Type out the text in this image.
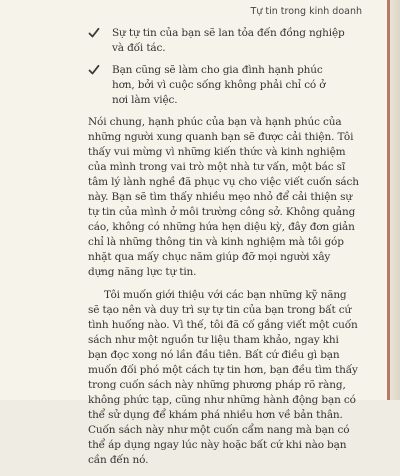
Tự tin trong kinh doanh
Sự tự tin của bạn sẽ lan tỏa đến đồng nghiệp
và đối tác.
Bạn cũng sẽ làm cho gia đình hạnh phúc
hơn, bởi vì cuộc sống không phải chỉ có ở
nơi làm việc.

Nói chung, hạnh phúc của bạn và hạnh phúc của
những người xung quanh bạn sẽ được cải thiện. Tôi
thấy vui mừng vì những kiến thức và kinh nghiệm
của mình trong vai trò một nhà tư vấn, một bác sĩ
tâm lý lành nghề đã phục vụ cho việc viết cuốn sách
này. Bạn sẽ tìm thấy nhiều mẹo nhỏ để cải thiện sự
tự tin của mình ở môi trường công sở. Không quảng
cáo, không có những hứa hẹn diệu kỳ, đây đơn giản
chỉ là những thông tin và kinh nghiệm mà tôi góp
nhặt qua mấy chục năm giúp đỡ mọi người xây
dựng năng lực tự tin.

Tôi muốn giới thiệu với các bạn những kỹ năng
sẽ tạo nên và duy trì sự tự tin của bạn trong bất cứ
tình huống nào. Vì thế, tôi đã cố gắng viết một cuốn
sách như một nguồn tư liệu tham khảo, ngay khi
bạn đọc xong nó lần đầu tiên. Bất cứ điều gì bạn
muốn đối phó một cách tự tin hơn, bạn đều tìm thấy
trong cuốn sách này những phương pháp rõ ràng,
không phức tạp, cũng như những hành động bạn có
thể sử dụng để khám phá nhiều hơn về bản thân.
Cuốn sách này như một cuốn cẩm nang mà bạn có
thể áp dụng ngay lúc này hoặc bất cứ khi nào bạn
cần đến nó.
